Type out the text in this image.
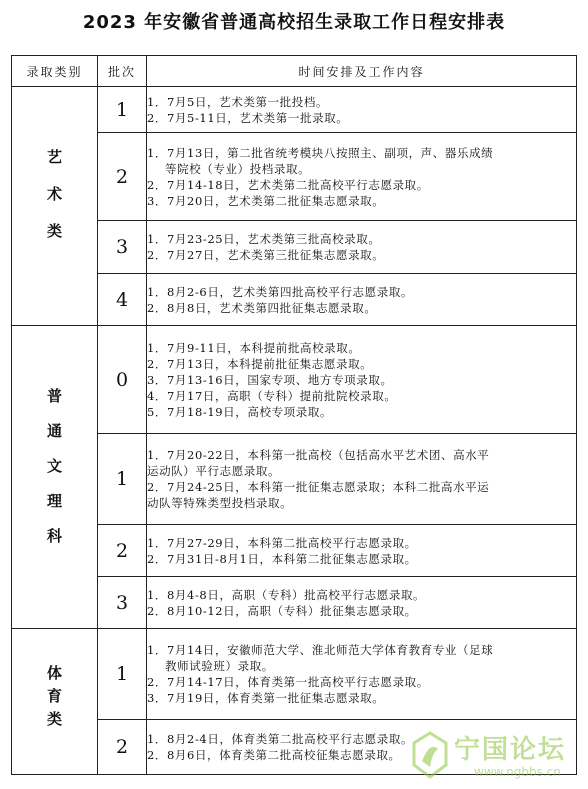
2023 年安徽省普通高校招生录取工作日程安排表
录取类别	批次	时间安排及工作内容
艺术类	1	1．7月5日，艺术类第一批投档。
2．7月5-11日，艺术类第一批录取。

	2	1．7月13日，第二批省统考模块八按照主、副项，声、器乐成绩
等院校（专业）投档录取。
2．7月14-18日，艺术类第二批高校平行志愿录取。
3．7月20日，艺术类第二批征集志愿录取。

	3	1．7月23-25日，艺术类第三批高校录取。
2．7月27日，艺术类第三批征集志愿录取。

	4	1．8月2-6日，艺术类第四批高校平行志愿录取。
2．8月8日，艺术类第四批征集志愿录取。

普通文理科	0	1．7月9-11日，本科提前批高校录取。
2．7月13日，本科提前批征集志愿录取。
3．7月13-16日，国家专项、地方专项录取。
4．7月17日，高职（专科）提前批院校录取。
5．7月18-19日，高校专项录取。

	1	1．7月20-22日，本科第一批高校（包括高水平艺术团、高水平
运动队）平行志愿录取。
2．7月24-25日，本科第一批征集志愿录取；本科二批高水平运
动队等特殊类型投档录取。

	2	1．7月27-29日，本科第二批高校平行志愿录取。
2．7月31日-8月1日，本科第二批征集志愿录取。

	3	1．8月4-8日，高职（专科）批高校平行志愿录取。
2．8月10-12日，高职（专科）批征集志愿录取。

体育类	1	1．7月14日，安徽师范大学、淮北师范大学体育教育专业（足球
教师试验班）录取。
2．7月14-17日，体育类第一批高校平行志愿录取。
3．7月19日，体育类第一批征集志愿录取。

	2	1．8月2-4日，体育类第二批高校平行志愿录取。
2．8月6日，体育类第二批高校征集志愿录取。	宁国论坛
www.ngbbs.cn
